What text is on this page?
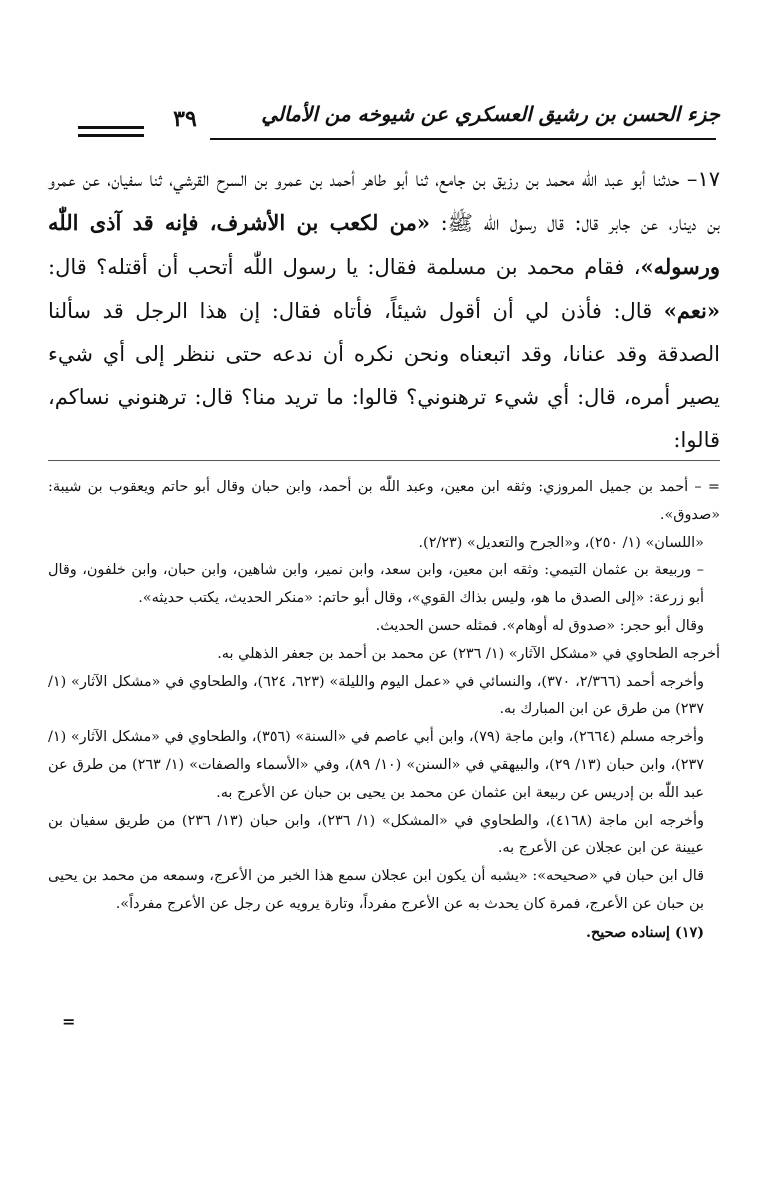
جزء الحسن بن رشيق العسكري عن شيوخه من الأمالي
٣٩

١٧– حدثنا أبو عبد اللّٰه محمد بن رزيق بن جامع، ثنا أبو طاهر أحمد بن عمرو بن السرح القرشي، ثنا سفيان، عن عمرو بن دينار، عن جابر قال: قال رسول اللّٰه ﷺ: «من لكعب بن الأشرف، فإنه قد آذى اللّٰه ورسوله»، فقام محمد بن مسلمة فقال: يا رسول اللّٰه أتحب أن أقتله؟ قال: «نعم» قال: فأذن لي أن أقول شيئاً، فأتاه فقال: إن هذا الرجل قد سألنا الصدقة وقد عنانا، وقد اتبعناه ونحن نكره أن ندعه حتى ننظر إلى أي شيء يصير أمره، قال: أي شيء ترهنوني؟ قالوا: ما تريد منا؟ قال: ترهنوني نساكم، قالوا:

= – أحمد بن جميل المروزي: وثقه ابن معين، وعبد اللّٰه بن أحمد، وابن حبان وقال أبو حاتم ويعقوب بن شيبة: «صدوق».

«اللسان» (١/ ٢٥٠)، و«الجرح والتعديل» (٢/٢٣).

– وربيعة بن عثمان التيمي: وثقه ابن معين، وابن سعد، وابن نمير، وابن شاهين، وابن حبان، وابن خلفون، وقال أبو زرعة: «إلى الصدق ما هو، وليس بذاك القوي»، وقال أبو حاتم: «منكر الحديث، يكتب حديثه».

وقال أبو حجر: «صدوق له أوهام». فمثله حسن الحديث.

أخرجه الطحاوي في «مشكل الآثار» (١/ ٢٣٦) عن محمد بن أحمد بن جعفر الذهلي به.

وأخرجه أحمد (٢/٣٦٦، ٣٧٠)، والنسائي في «عمل اليوم والليلة» (٦٢٣، ٦٢٤)، والطحاوي في «مشكل الآثار» (١/ ٢٣٧) من طرق عن ابن المبارك به.

وأخرجه مسلم (٢٦٦٤)، وابن ماجة (٧٩)، وابن أبي عاصم في «السنة» (٣٥٦)، والطحاوي في «مشكل الآثار» (١/ ٢٣٧)، وابن حبان (١٣/ ٢٩)، والبيهقي في «السنن» (١٠/ ٨٩)، وفي «الأسماء والصفات» (١/ ٢٦٣) من طرق عن عبد اللّٰه بن إدريس عن ربيعة ابن عثمان عن محمد بن يحيى بن حبان عن الأعرج به.

وأخرجه ابن ماجة (٤١٦٨)، والطحاوي في «المشكل» (١/ ٢٣٦)، وابن حبان (١٣/ ٢٣٦) من طريق سفيان بن عيينة عن ابن عجلان عن الأعرج به.

قال ابن حبان في «صحيحه»: «يشبه أن يكون ابن عجلان سمع هذا الخبر من الأعرج، وسمعه من محمد بن يحيى بن حبان عن الأعرج، فمرة كان يحدث به عن الأعرج مفرداً، وتارة يرويه عن رجل عن الأعرج مفرداً».

(١٧) إسناده صحيح.

=
